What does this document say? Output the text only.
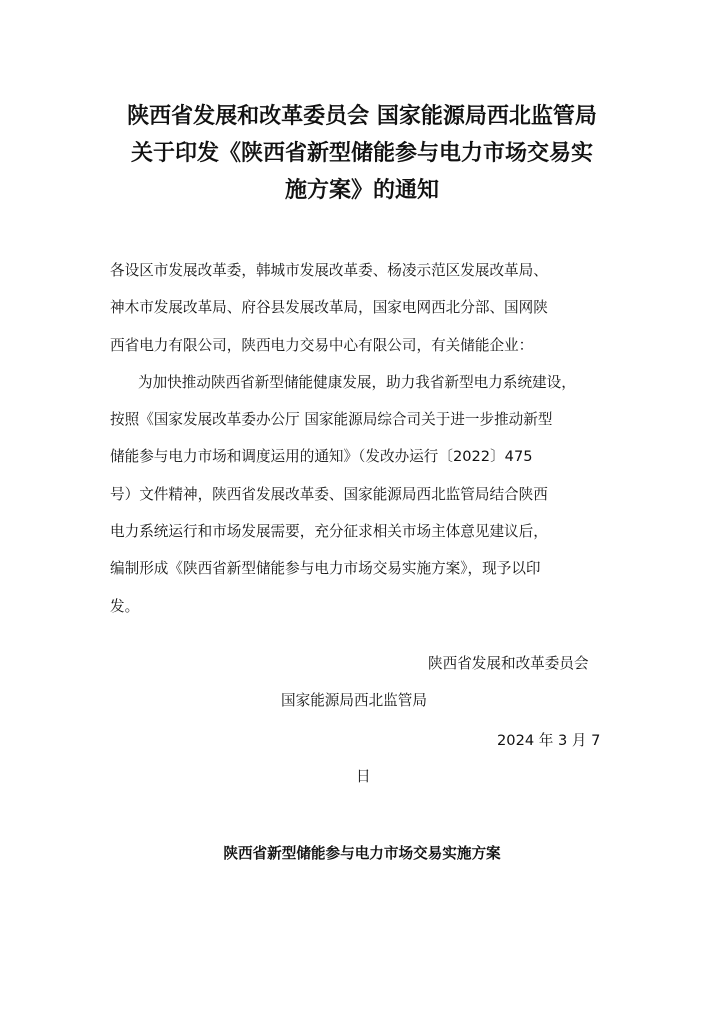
陕西省发展和改革委员会 国家能源局西北监管局
关于印发《陕西省新型储能参与电力市场交易实
施方案》的通知
各设区市发展改革委，韩城市发展改革委、杨凌示范区发展改革局、
神木市发展改革局、府谷县发展改革局，国家电网西北分部、国网陕
西省电力有限公司，陕西电力交易中心有限公司，有关储能企业：
为加快推动陕西省新型储能健康发展，助力我省新型电力系统建设，
按照《国家发展改革委办公厅 国家能源局综合司关于进一步推动新型
储能参与电力市场和调度运用的通知》（发改办运行〔2022〕475
号）文件精神，陕西省发展改革委、国家能源局西北监管局结合陕西
电力系统运行和市场发展需要，充分征求相关市场主体意见建议后，
编制形成《陕西省新型储能参与电力市场交易实施方案》，现予以印
发。
陕西省发展和改革委员会
国家能源局西北监管局
2024 年 3 月 7
日
陕西省新型储能参与电力市场交易实施方案
